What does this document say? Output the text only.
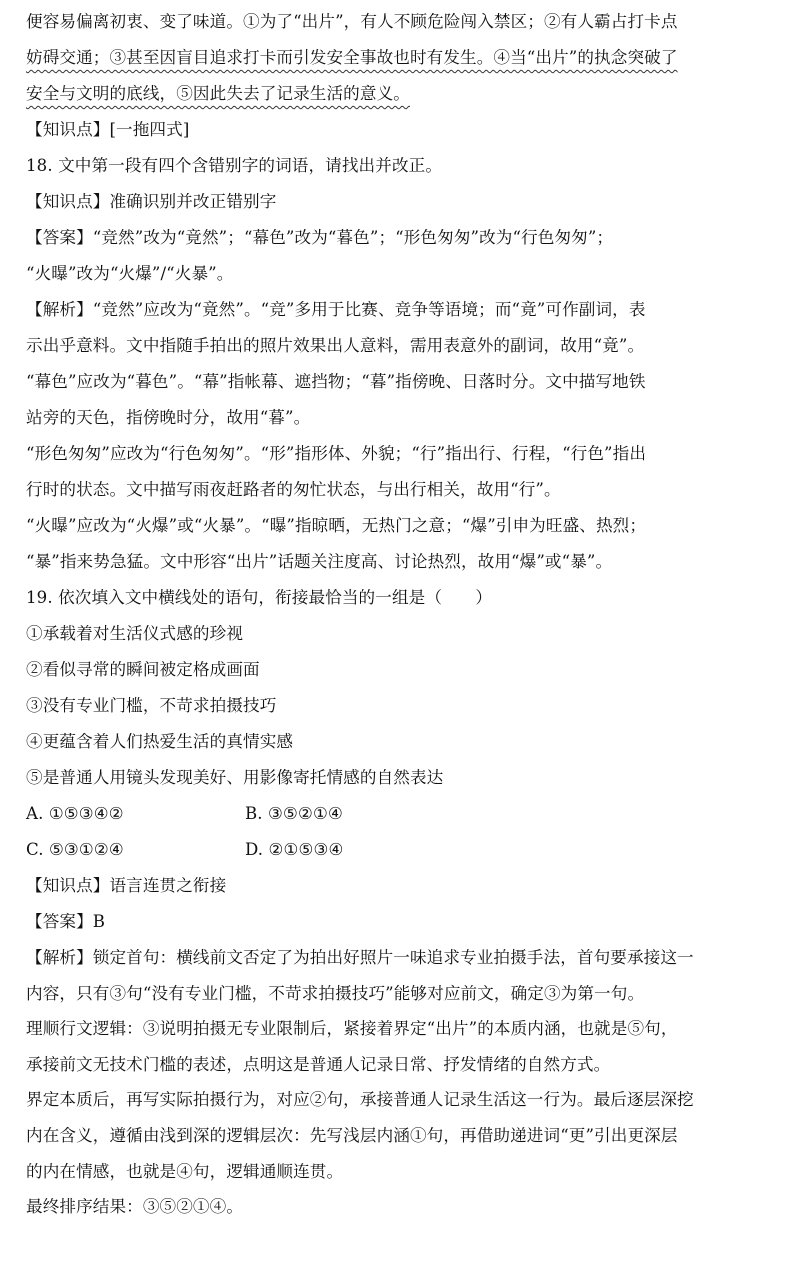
便容易偏离初衷、变了味道。①为了“出片”，有人不顾危险闯入禁区；②有人霸占打卡点
妨碍交通；③甚至因盲目追求打卡而引发安全事故也时有发生。④当“出片”的执念突破了
安全与文明的底线，⑤因此失去了记录生活的意义。
【知识点】[一拖四式]
18. 文中第一段有四个含错别字的词语，请找出并改正。
【知识点】准确识别并改正错别字
【答案】“竞然”改为“竟然”；“幕色”改为“暮色”；“形色匆匆”改为“行色匆匆”；
“火曝”改为“火爆”/“火暴”。
【解析】“竞然”应改为“竟然”。“竞”多用于比赛、竞争等语境；而“竟”可作副词，表
示出乎意料。文中指随手拍出的照片效果出人意料，需用表意外的副词，故用“竟”。
“幕色”应改为“暮色”。“幕”指帐幕、遮挡物；“暮”指傍晚、日落时分。文中描写地铁
站旁的天色，指傍晚时分，故用“暮”。
“形色匆匆”应改为“行色匆匆”。“形”指形体、外貌；“行”指出行、行程，“行色”指出
行时的状态。文中描写雨夜赶路者的匆忙状态，与出行相关，故用“行”。
“火曝”应改为“火爆”或“火暴”。“曝”指晾晒，无热门之意；“爆”引申为旺盛、热烈；
“暴”指来势急猛。文中形容“出片”话题关注度高、讨论热烈，故用“爆”或“暴”。
19. 依次填入文中横线处的语句，衔接最恰当的一组是（　　）
①承载着对生活仪式感的珍视
②看似寻常的瞬间被定格成画面
③没有专业门槛，不苛求拍摄技巧
④更蕴含着人们热爱生活的真情实感
⑤是普通人用镜头发现美好、用影像寄托情感的自然表达
A. ①⑤③④②	B. ③⑤②①④
C. ⑤③①②④	D. ②①⑤③④
【知识点】语言连贯之衔接
【答案】B
【解析】锁定首句：横线前文否定了为拍出好照片一味追求专业拍摄手法，首句要承接这一
内容，只有③句“没有专业门槛，不苛求拍摄技巧”能够对应前文，确定③为第一句。
理顺行文逻辑：③说明拍摄无专业限制后，紧接着界定“出片”的本质内涵，也就是⑤句，
承接前文无技术门槛的表述，点明这是普通人记录日常、抒发情绪的自然方式。
界定本质后，再写实际拍摄行为，对应②句，承接普通人记录生活这一行为。最后逐层深挖
内在含义，遵循由浅到深的逻辑层次：先写浅层内涵①句，再借助递进词“更”引出更深层
的内在情感，也就是④句，逻辑通顺连贯。
最终排序结果：③⑤②①④。
